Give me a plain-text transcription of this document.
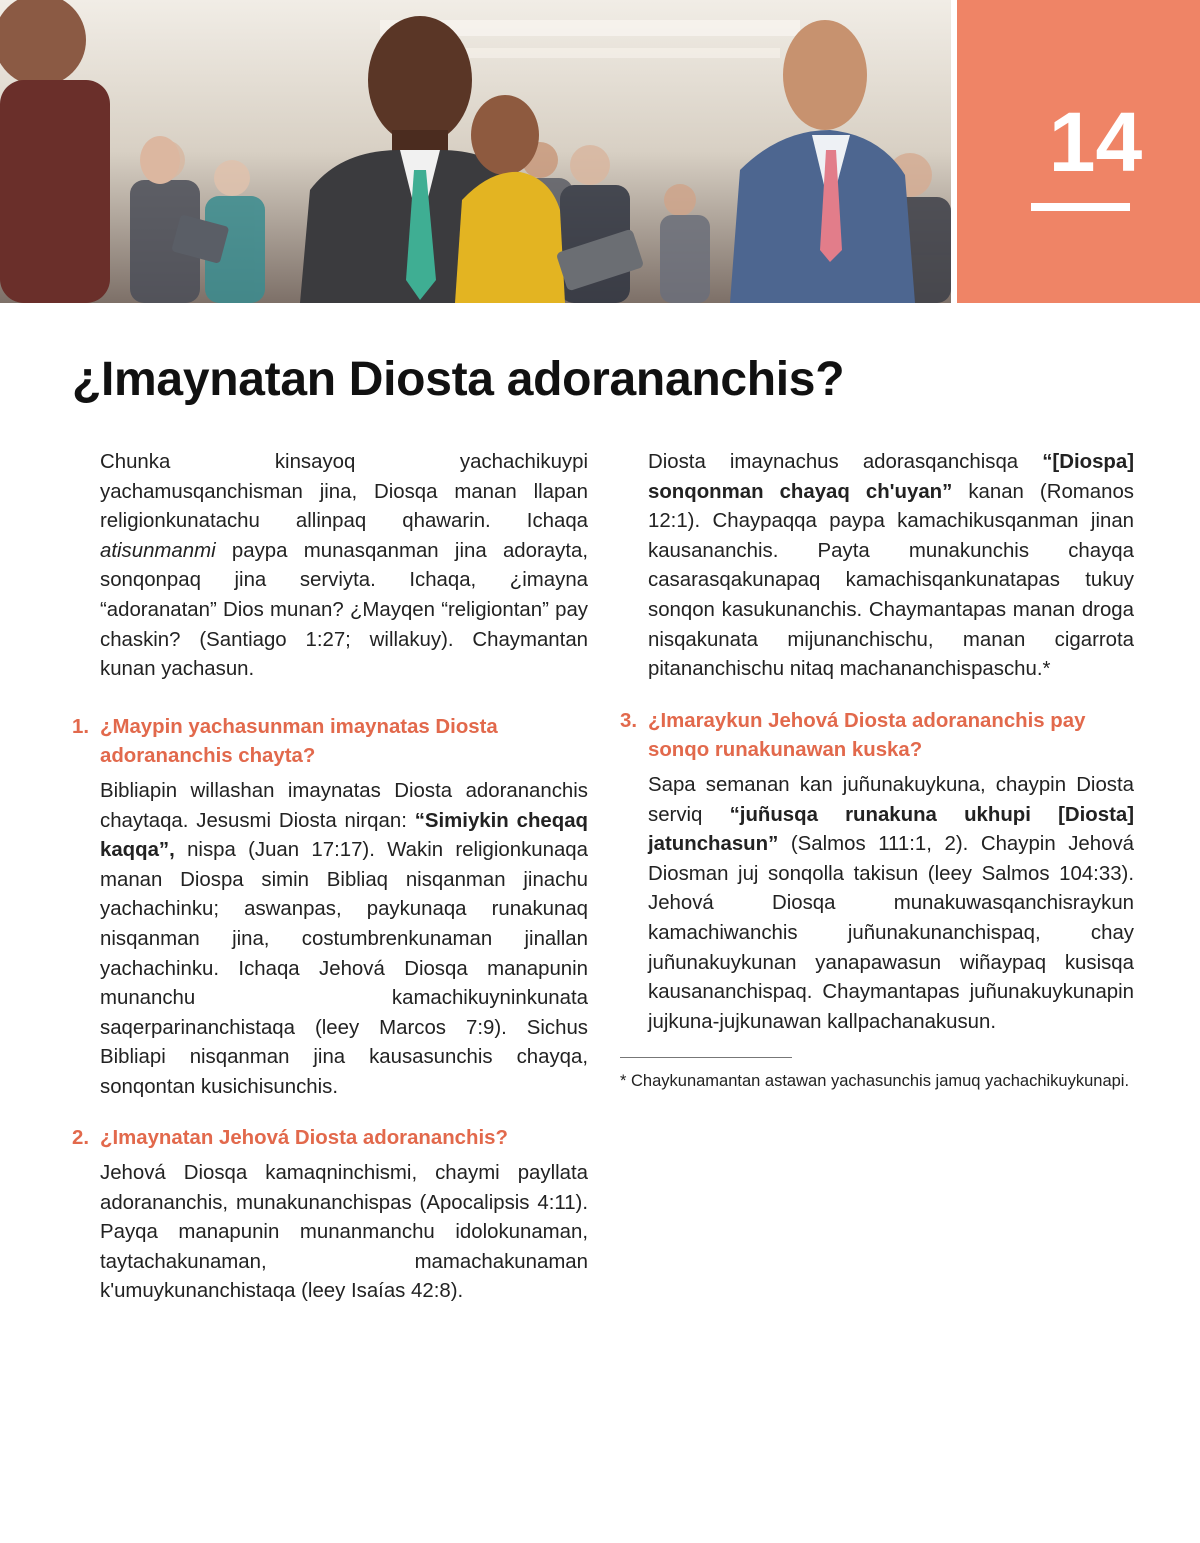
14
¿Imaynatan Diosta adorananchis?

Chunka kinsayoq yachachikuypi yachamusqanchisman jina, Diosqa manan llapan religionkunatachu allinpaq qhawarin. Ichaqa atisunmanmi paypa munasqanman jina adorayta, sonqonpaq jina serviyta. Ichaqa, ¿imayna “adoranatan” Dios munan? ¿Mayqen “religiontan” pay chaskin? (Santiago 1:27; willakuy). Chaymantan kunan yachasun.

1. ¿Maypin yachasunman imaynatas Diosta adorananchis chayta?

Bibliapin willashan imaynatas Diosta adorananchis chaytaqa. Jesusmi Diosta nirqan: “Simiykin cheqaq kaqqa”, nispa (Juan 17:17). Wakin religionkunaqa manan Diospa simin Bibliaq nisqanman jinachu yachachinku; aswanpas, paykunaqa runakunaq nisqanman jina, costumbrenkunaman jinallan yachachinku. Ichaqa Jehová Diosqa manapunin munanchu kamachikuyninkunata saqerparinanchistaqa (leey Marcos 7:9). Sichus Bibliapi nisqanman jina kausasunchis chayqa, sonqontan kusichisunchis.

2. ¿Imaynatan Jehová Diosta adorananchis?

Jehová Diosqa kamaqninchismi, chaymi payllata adorananchis, munakunanchispas (Apocalipsis 4:11). Payqa manapunin munanmanchu idolokunaman, taytachakunaman, mamachakunaman k'umuykunanchistaqa (leey Isaías 42:8).

Diosta imaynachus adorasqanchisqa “[Diospa] sonqonman chayaq ch'uyan” kanan (Romanos 12:1). Chaypaqqa paypa kamachikusqanman jinan kausananchis. Payta munakunchis chayqa casarasqakunapaq kamachisqankunatapas tukuy sonqon kasukunanchis. Chaymantapas manan droga nisqakunata mijunanchischu, manan cigarrota pitananchischu nitaq machananchispaschu.*

3. ¿Imaraykun Jehová Diosta adorananchis pay sonqo runakunawan kuska?

Sapa semanan kan juñunakuykuna, chaypin Diosta serviq “juñusqa runakuna ukhupi [Diosta] jatunchasun” (Salmos 111:1, 2). Chaypin Jehová Diosman juj sonqolla takisun (leey Salmos 104:33). Jehová Diosqa munakuwasqanchisraykun kamachiwanchis juñunakunanchispaq, chay juñunakuykunan yanapawasun wiñaypaq kusisqa kausananchispaq. Chaymantapas juñunakuykunapin jujkuna-jujkunawan kallpachanakusun.

* Chaykunamantan astawan yachasunchis jamuq yachachikuykunapi.
